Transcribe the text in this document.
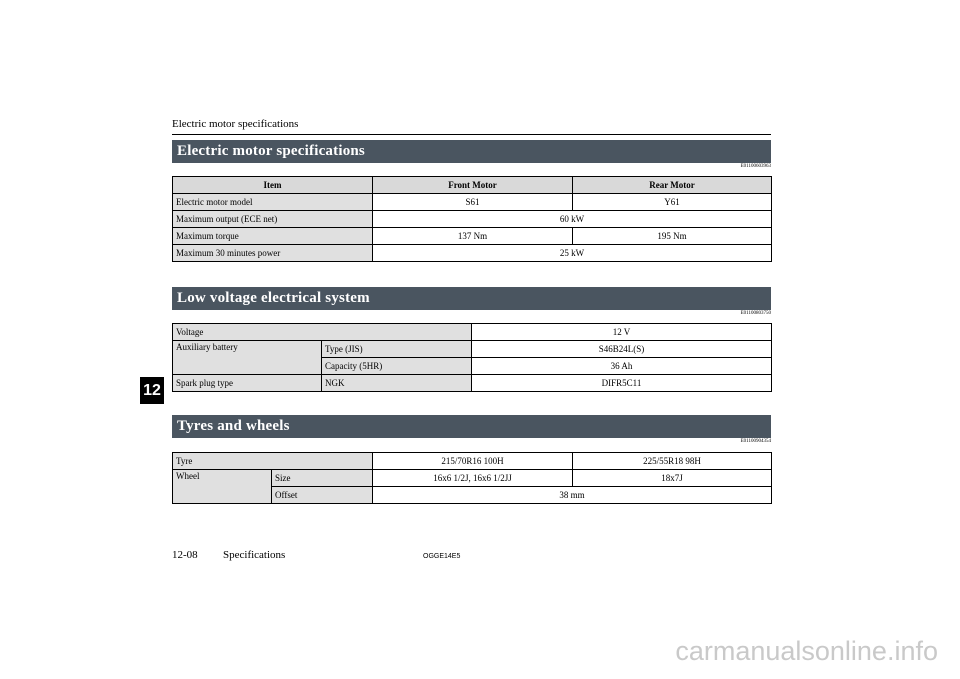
Electric motor specifications
12
Electric motor specifications
E01100603963
Item	Front Motor	Rear Motor
Electric motor model	S61	Y61
Maximum output (ECE net)	60 kW	
Maximum torque	137 Nm	195 Nm
Maximum 30 minutes power	25 kW	
Low voltage electrical system
E01100803750
Voltage		12 V
Auxiliary battery	Type (JIS)	S46B24L(S)
	Capacity (5HR)	36 Ah
Spark plug type	NGK	DIFR5C11
Tyres and wheels
E01100904354
Tyre		215/70R16 100H	225/55R18 98H
Wheel	Size	16x6 1/2J, 16x6 1/2JJ	18x7J
	Offset	38 mm	
12-08 Specifications	OGGE14E5
carmanualsonline.info
